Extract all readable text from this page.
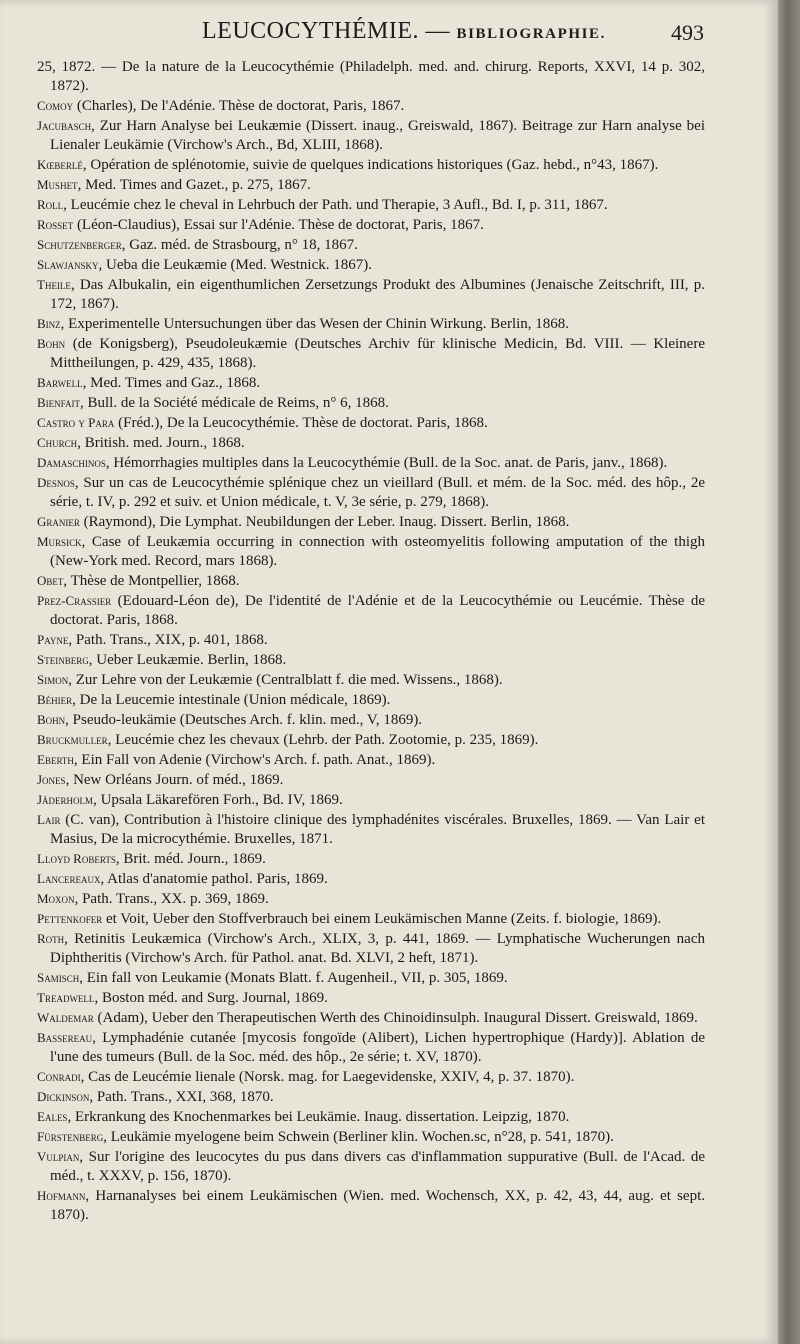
LEUCOCYTHÉMIE. — BIBLIOGRAPHIE.	493

25, 1872. — De la nature de la Leucocythémie (Philadelph. med. and. chirurg. Reports, XXVI, 14 p. 302, 1872).

Comoy (Charles), De l'Adénie. Thèse de doctorat, Paris, 1867.

Jacubasch, Zur Harn Analyse bei Leukæmie (Dissert. inaug., Greiswald, 1867). Beitrage zur Harn analyse bei Lienaler Leukämie (Virchow's Arch., Bd, XLIII, 1868).

Kœberlé, Opération de splénotomie, suivie de quelques indications historiques (Gaz. hebd., n°43, 1867).

Mushet, Med. Times and Gazet., p. 275, 1867.

Roll, Leucémie chez le cheval in Lehrbuch der Path. und Therapie, 3 Aufl., Bd. I, p. 311, 1867.

Rosset (Léon-Claudius), Essai sur l'Adénie. Thèse de doctorat, Paris, 1867.

Schutzenberger, Gaz. méd. de Strasbourg, n° 18, 1867.

Slawjansky, Ueba die Leukæmie (Med. Westnick. 1867).

Theile, Das Albukalin, ein eigenthumlichen Zersetzungs Produkt des Albumines (Jenaische Zeitschrift, III, p. 172, 1867).

Binz, Experimentelle Untersuchungen über das Wesen der Chinin Wirkung. Berlin, 1868.

Bohn (de Konigsberg), Pseudoleukæmie (Deutsches Archiv für klinische Medicin, Bd. VIII. — Kleinere Mittheilungen, p. 429, 435, 1868).

Barwell, Med. Times and Gaz., 1868.

Bienfait, Bull. de la Société médicale de Reims, n° 6, 1868.

Castro y Para (Fréd.), De la Leucocythémie. Thèse de doctorat. Paris, 1868.

Church, British. med. Journ., 1868.

Damaschinos, Hémorrhagies multiples dans la Leucocythémie (Bull. de la Soc. anat. de Paris, janv., 1868).

Desnos, Sur un cas de Leucocythémie splénique chez un vieillard (Bull. et mém. de la Soc. méd. des hôp., 2e série, t. IV, p. 292 et suiv. et Union médicale, t. V, 3e série, p. 279, 1868).

Granier (Raymond), Die Lymphat. Neubildungen der Leber. Inaug. Dissert. Berlin, 1868.

Mursick, Case of Leukæmia occurring in connection with osteomyelitis following amputation of the thigh (New-York med. Record, mars 1868).

Obet, Thèse de Montpellier, 1868.

Prez-Crassier (Edouard-Léon de), De l'identité de l'Adénie et de la Leucocythémie ou Leucémie. Thèse de doctorat. Paris, 1868.

Payne, Path. Trans., XIX, p. 401, 1868.

Steinberg, Ueber Leukæmie. Berlin, 1868.

Simon, Zur Lehre von der Leukæmie (Centralblatt f. die med. Wissens., 1868).

Béhier, De la Leucemie intestinale (Union médicale, 1869).

Bohn, Pseudo-leukämie (Deutsches Arch. f. klin. med., V, 1869).

Bruckmuller, Leucémie chez les chevaux (Lehrb. der Path. Zootomie, p. 235, 1869).

Eberth, Ein Fall von Adenie (Virchow's Arch. f. path. Anat., 1869).

Jones, New Orléans Journ. of méd., 1869.

Jäderholm, Upsala Läkarefören Forh., Bd. IV, 1869.

Lair (C. van), Contribution à l'histoire clinique des lymphadénites viscérales. Bruxelles, 1869. — Van Lair et Masius, De la microcythémie. Bruxelles, 1871.

Lloyd Roberts, Brit. méd. Journ., 1869.

Lancereaux, Atlas d'anatomie pathol. Paris, 1869.

Moxon, Path. Trans., XX. p. 369, 1869.

Pettenkofer et Voit, Ueber den Stoffverbrauch bei einem Leukämischen Manne (Zeits. f. biologie, 1869).

Roth, Retinitis Leukæmica (Virchow's Arch., XLIX, 3, p. 441, 1869. — Lymphatische Wucherungen nach Diphtheritis (Virchow's Arch. für Pathol. anat. Bd. XLVI, 2 heft, 1871).

Samisch, Ein fall von Leukamie (Monats Blatt. f. Augenheil., VII, p. 305, 1869.

Treadwell, Boston méd. and Surg. Journal, 1869.

Waldemar (Adam), Ueber den Therapeutischen Werth des Chinoidinsulph. Inaugural Dissert. Greiswald, 1869.

Bassereau, Lymphadénie cutanée [mycosis fongoïde (Alibert), Lichen hypertrophique (Hardy)]. Ablation de l'une des tumeurs (Bull. de la Soc. méd. des hôp., 2e série; t. XV, 1870).

Conradi, Cas de Leucémie lienale (Norsk. mag. for Laegevidenske, XXIV, 4, p. 37. 1870).

Dickinson, Path. Trans., XXI, 368, 1870.

Eales, Erkrankung des Knochenmarkes bei Leukämie. Inaug. dissertation. Leipzig, 1870.

Fürstenberg, Leukämie myelogene beim Schwein (Berliner klin. Wochen.sc, n°28, p. 541, 1870).

Vulpian, Sur l'origine des leucocytes du pus dans divers cas d'inflammation suppurative (Bull. de l'Acad. de méd., t. XXXV, p. 156, 1870).

Hofmann, Harnanalyses bei einem Leukämischen (Wien. med. Wochensch, XX, p. 42, 43, 44, aug. et sept. 1870).
